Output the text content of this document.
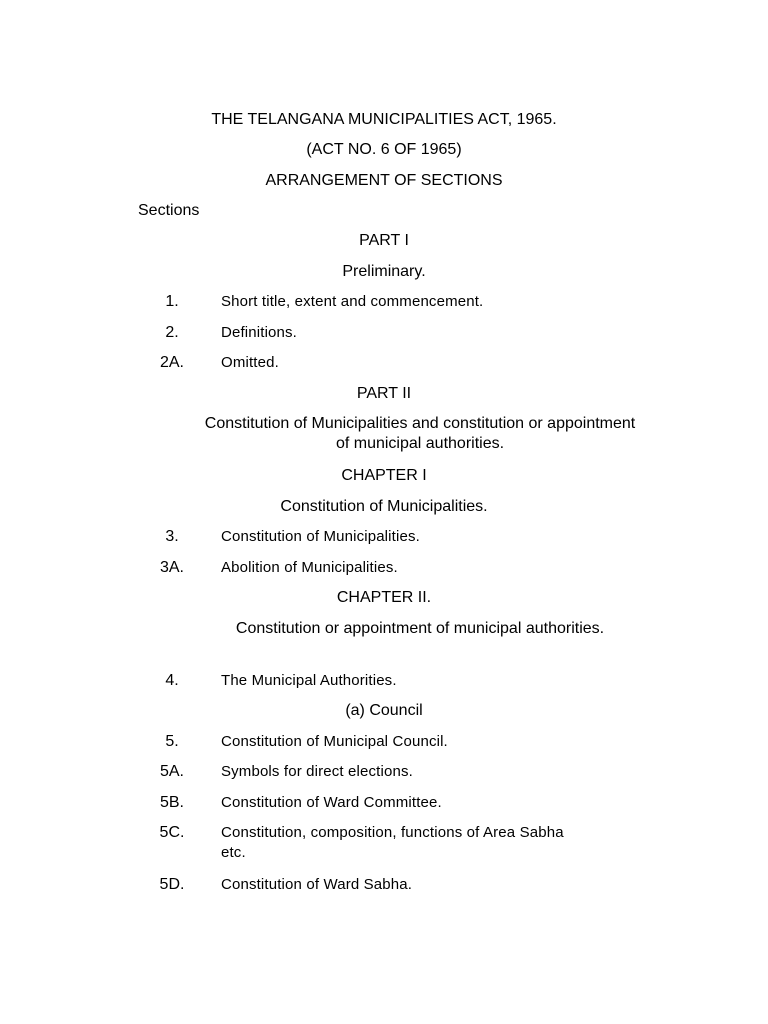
THE TELANGANA MUNICIPALITIES ACT, 1965.
(ACT NO. 6 OF 1965)
ARRANGEMENT OF SECTIONS
Sections
PART I
Preliminary.
1.	Short title, extent and commencement.
2.	Definitions.
2A.	Omitted.
PART II
Constitution of Municipalities and constitution or appointment of municipal authorities.
CHAPTER I
Constitution of Municipalities.
3.	Constitution of Municipalities.
3A.	Abolition of Municipalities.
CHAPTER II.
Constitution or appointment of municipal authorities.
4.	The Municipal Authorities.
(a) Council
5.	Constitution of Municipal Council.
5A.	Symbols for direct elections.
5B.	Constitution of Ward Committee.
5C.	Constitution, composition, functions of Area Sabha etc.
5D.	Constitution of Ward Sabha.
